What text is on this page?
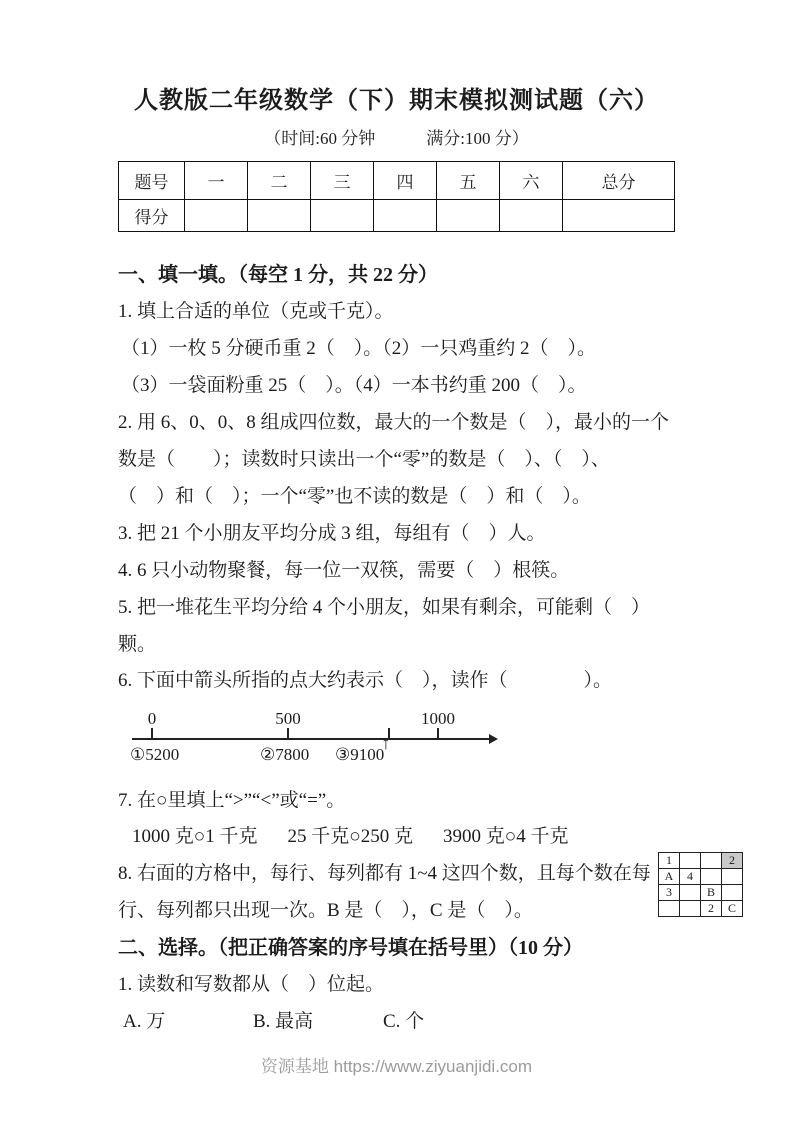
人教版二年级数学（下）期末模拟测试题（六）
（时间:60 分钟　　　满分:100 分）
题号	一	二	三	四	五	六	总分
得分							
一、填一填。（每空 1 分，共 22 分）
1. 填上合适的单位（克或千克）。
（1）一枚 5 分硬币重 2（　）。（2）一只鸡重约 2（　）。
（3）一袋面粉重 25（　）。（4）一本书约重 200（　）。
2. 用 6、0、0、8 组成四位数，最大的一个数是（　），最小的一个
数是（　　）；读数时只读出一个“零”的数是（　）、（　）、
（　）和（　）；一个“零”也不读的数是（　）和（　）。
3. 把 21 个小朋友平均分成 3 组，每组有（　）人。
4. 6 只小动物聚餐，每一位一双筷，需要（　）根筷。
5. 把一堆花生平均分给 4 个小朋友，如果有剩余，可能剩（　）
颗。
6. 下面中箭头所指的点大约表示（　），读作（　　　　）。
0	500	1000
①5200	②7800 ③9100
↑
7. 在○里填上“>”“<”或“=”。
1000 克○1 千克 25 千克○250 克 3900 克○4 千克
8. 右面的方格中，每行、每列都有 1~4 这四个数，且每个数在每
行、每列都只出现一次。B 是（　），C 是（　）。
二、选择。（把正确答案的序号填在括号里）（10 分）
1. 读数和写数都从（　）位起。
A. 万	B. 最高	C. 个
1			2
A	4		
3		B	
		2	C
资源基地 https://www.ziyuanjidi.com
